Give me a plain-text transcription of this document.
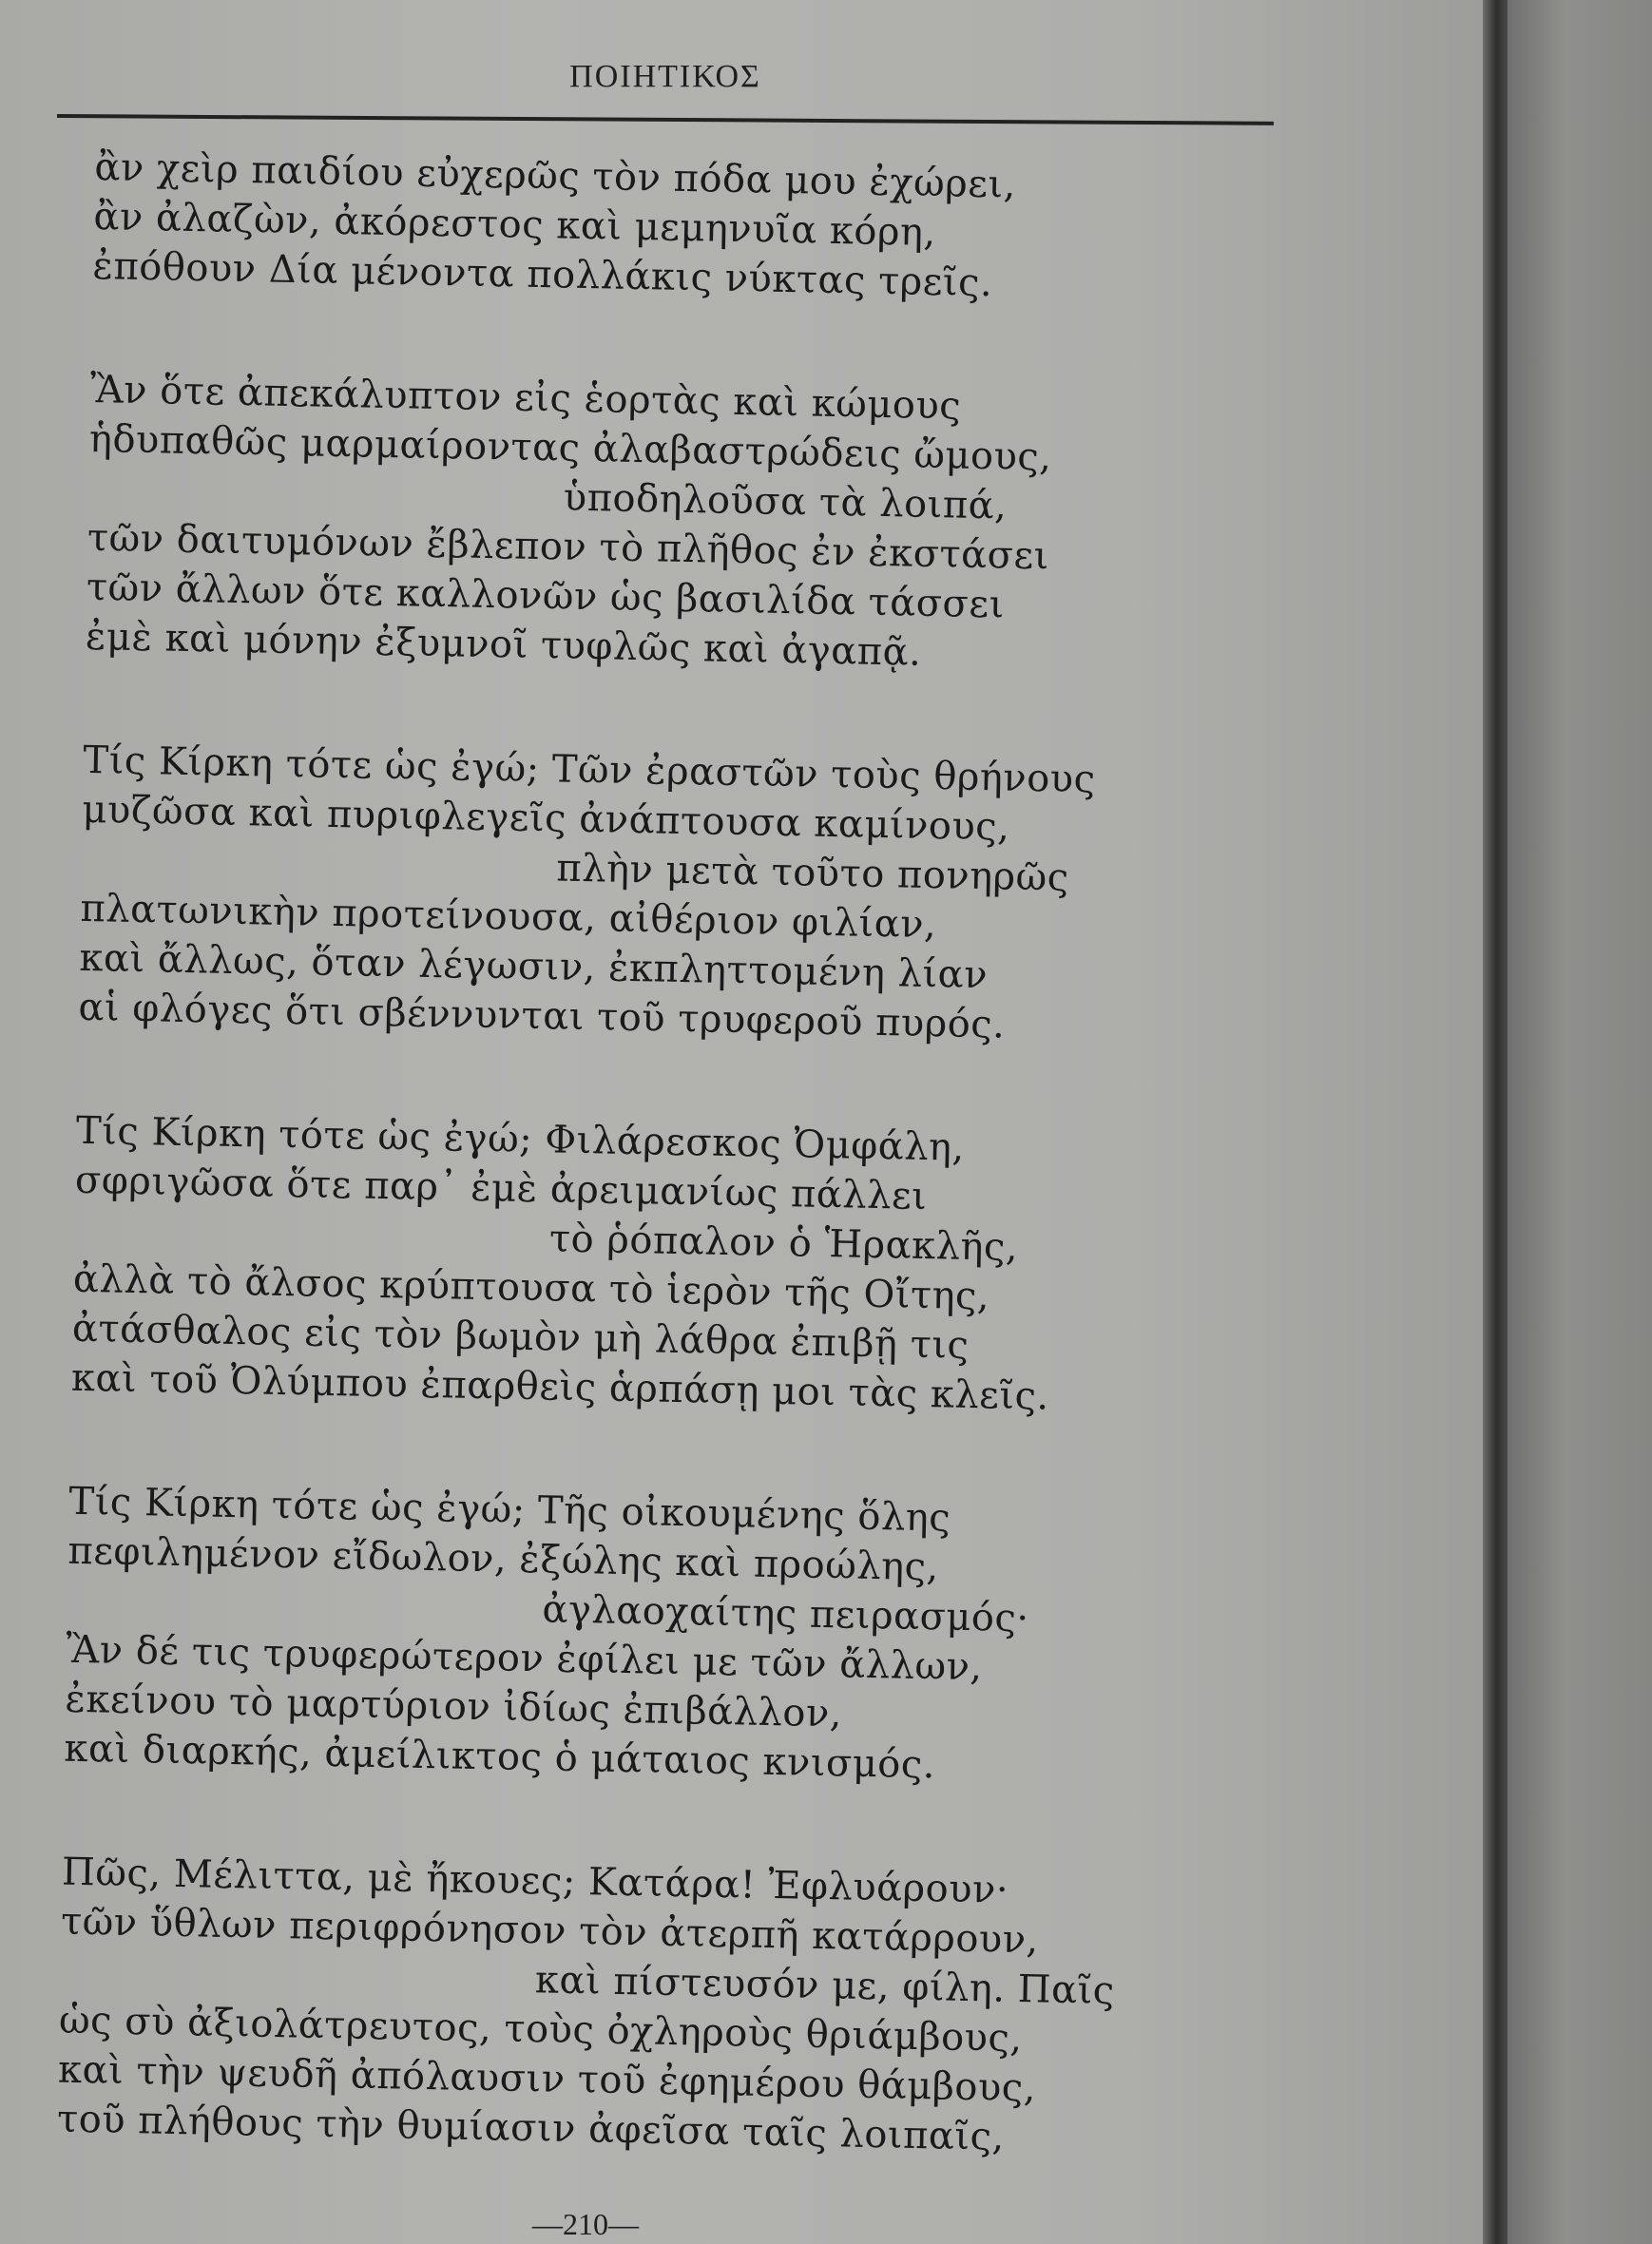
ΠΟΙΗΤΙΚΟΣ
ἂν χεὶρ παιδίου εὐχερῶς τὸν πόδα μου ἐχώρει,
ἂν ἀλαζὼν, ἀκόρεστος καὶ μεμηνυῖα κόρη,
ἐπόθουν Δία μένοντα πολλάκις νύκτας τρεῖς.
Ἂν ὅτε ἀπεκάλυπτον εἰς ἑορτὰς καὶ κώμους
ἡδυπαθῶς μαρμαίροντας ἀλαβαστρώδεις ὤμους,
ὑποδηλοῦσα τὰ λοιπά,
τῶν δαιτυμόνων ἔβλεπον τὸ πλῆθος ἐν ἐκστάσει
τῶν ἄλλων ὅτε καλλονῶν ὡς βασιλίδα τάσσει
ἐμὲ καὶ μόνην ἐξυμνοῖ τυφλῶς καὶ ἀγαπᾷ.
Τίς Κίρκη τότε ὡς ἐγώ; Τῶν ἐραστῶν τοὺς θρήνους
μυζῶσα καὶ πυριφλεγεῖς ἀνάπτουσα καμίνους,
πλὴν μετὰ τοῦτο πονηρῶς
πλατωνικὴν προτείνουσα, αἰθέριον φιλίαν,
καὶ ἄλλως, ὅταν λέγωσιν, ἐκπληττομένη λίαν
αἱ φλόγες ὅτι σβέννυνται τοῦ τρυφεροῦ πυρός.
Τίς Κίρκη τότε ὡς ἐγώ; Φιλάρεσκος Ὀμφάλη,
σφριγῶσα ὅτε παρ᾽ ἐμὲ ἀρειμανίως πάλλει
τὸ ῥόπαλον ὁ Ἡρακλῆς,
ἀλλὰ τὸ ἄλσος κρύπτουσα τὸ ἱερὸν τῆς Οἴτης,
ἀτάσθαλος εἰς τὸν βωμὸν μὴ λάθρα ἐπιβῇ τις
καὶ τοῦ Ὀλύμπου ἐπαρθεὶς ἁρπάσῃ μοι τὰς κλεῖς.
Τίς Κίρκη τότε ὡς ἐγώ; Τῆς οἰκουμένης ὅλης
πεφιλημένον εἴδωλον, ἐξώλης καὶ προώλης,
ἀγλαοχαίτης πειρασμός·
Ἂν δέ τις τρυφερώτερον ἐφίλει με τῶν ἄλλων,
ἐκείνου τὸ μαρτύριον ἰδίως ἐπιβάλλον,
καὶ διαρκής, ἀμείλικτος ὁ μάταιος κνισμός.
Πῶς, Μέλιττα, μὲ ἤκουες; Κατάρα! Ἐφλυάρουν·
τῶν ὕθλων περιφρόνησον τὸν ἀτερπῆ κατάρρουν,
καὶ πίστευσόν με, φίλη. Παῖς
ὡς σὺ ἀξιολάτρευτος, τοὺς ὀχληροὺς θριάμβους,
καὶ τὴν ψευδῆ ἀπόλαυσιν τοῦ ἐφημέρου θάμβους,
τοῦ πλήθους τὴν θυμίασιν ἀφεῖσα ταῖς λοιπαῖς,
—210—
